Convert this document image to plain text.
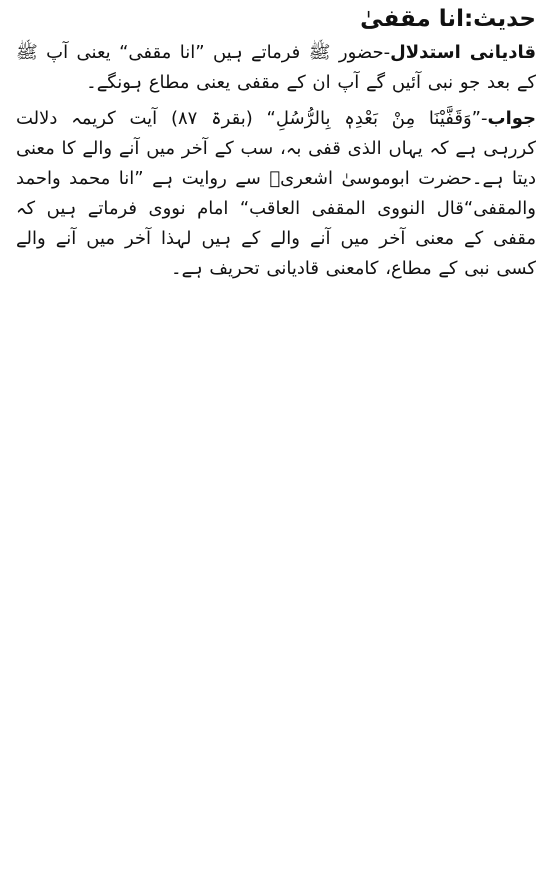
حدیث:انا مقفیٰ

قادیانی استدلال-حضور ﷺ فرماتے ہیں ”انا مقفی“ یعنی آپ ﷺ کے بعد جو نبی آئیں گے آپ ان کے مقفی یعنی مطاع ہونگے۔

جواب-”وَقَفَّيْنَا مِنْ بَعْدِهٖ بِالرُّسُلِ“ (بقرۃ ۸۷) آیت کریمہ دلالت کررہی ہے کہ یہاں الذی قفی بہ، سب کے آخر میں آنے والے کا معنی دیتا ہے۔حضرت ابوموسیٰ اشعریؓ سے روایت ہے ”انا محمد واحمد والمقفی“قال النووی المقفی العاقب“ امام نووی فرماتے ہیں کہ مقفی کے معنی آخر میں آنے والے کے ہیں لہذا آخر میں آنے والے کسی نبی کے مطاع، کامعنی قادیانی تحریف ہے۔
